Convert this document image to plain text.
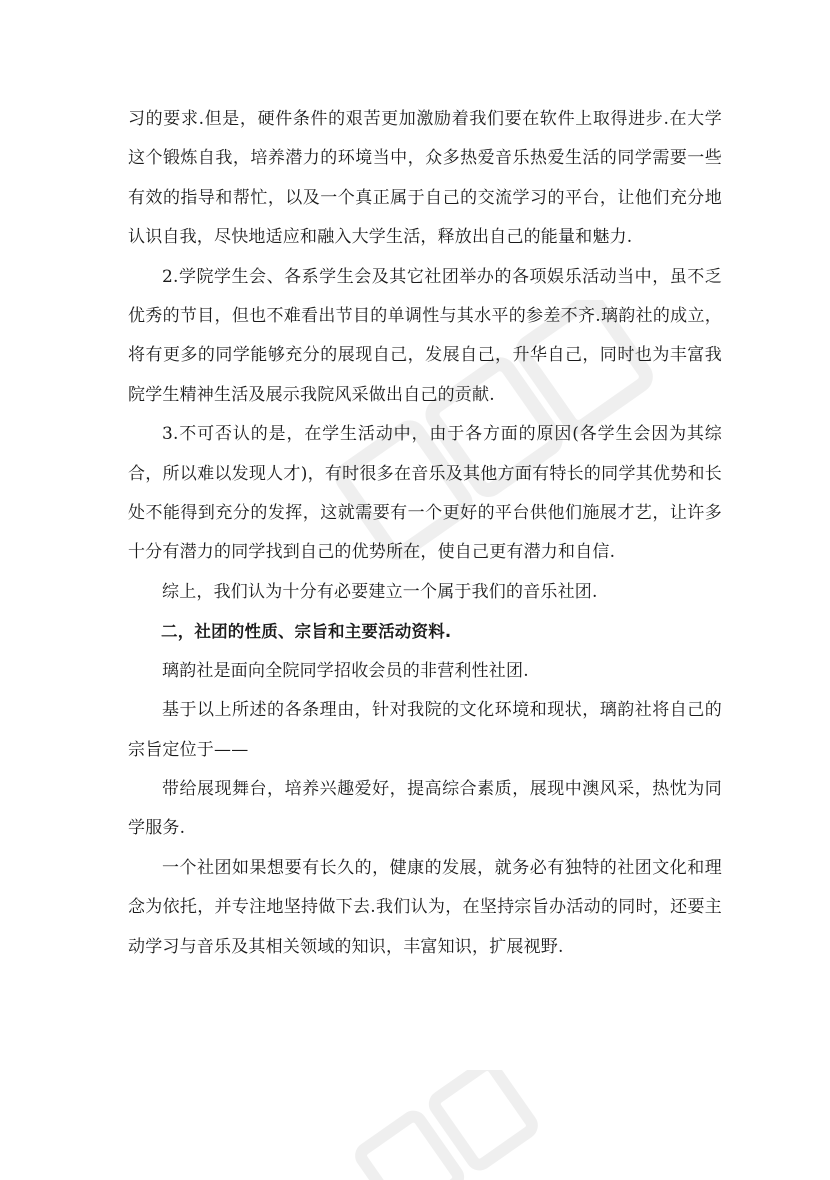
习的要求.但是，硬件条件的艰苦更加激励着我们要在软件上取得进步.在大学这个锻炼自我，培养潜力的环境当中，众多热爱音乐热爱生活的同学需要一些有效的指导和帮忙，以及一个真正属于自己的交流学习的平台，让他们充分地认识自我，尽快地适应和融入大学生活，释放出自己的能量和魅力.

2.学院学生会、各系学生会及其它社团举办的各项娱乐活动当中，虽不乏优秀的节目，但也不难看出节目的单调性与其水平的参差不齐.璃韵社的成立，将有更多的同学能够充分的展现自己，发展自己，升华自己，同时也为丰富我院学生精神生活及展示我院风采做出自己的贡献.

3.不可否认的是，在学生活动中，由于各方面的原因(各学生会因为其综合，所以难以发现人才)，有时很多在音乐及其他方面有特长的同学其优势和长处不能得到充分的发挥，这就需要有一个更好的平台供他们施展才艺，让许多十分有潜力的同学找到自己的优势所在，使自己更有潜力和自信.

综上，我们认为十分有必要建立一个属于我们的音乐社团.

二，社团的性质、宗旨和主要活动资料.

璃韵社是面向全院同学招收会员的非营利性社团.

基于以上所述的各条理由，针对我院的文化环境和现状，璃韵社将自己的宗旨定位于——

带给展现舞台，培养兴趣爱好，提高综合素质，展现中澳风采，热忱为同学服务.

一个社团如果想要有长久的，健康的发展，就务必有独特的社团文化和理念为依托，并专注地坚持做下去.我们认为，在坚持宗旨办活动的同时，还要主动学习与音乐及其相关领域的知识，丰富知识，扩展视野.
